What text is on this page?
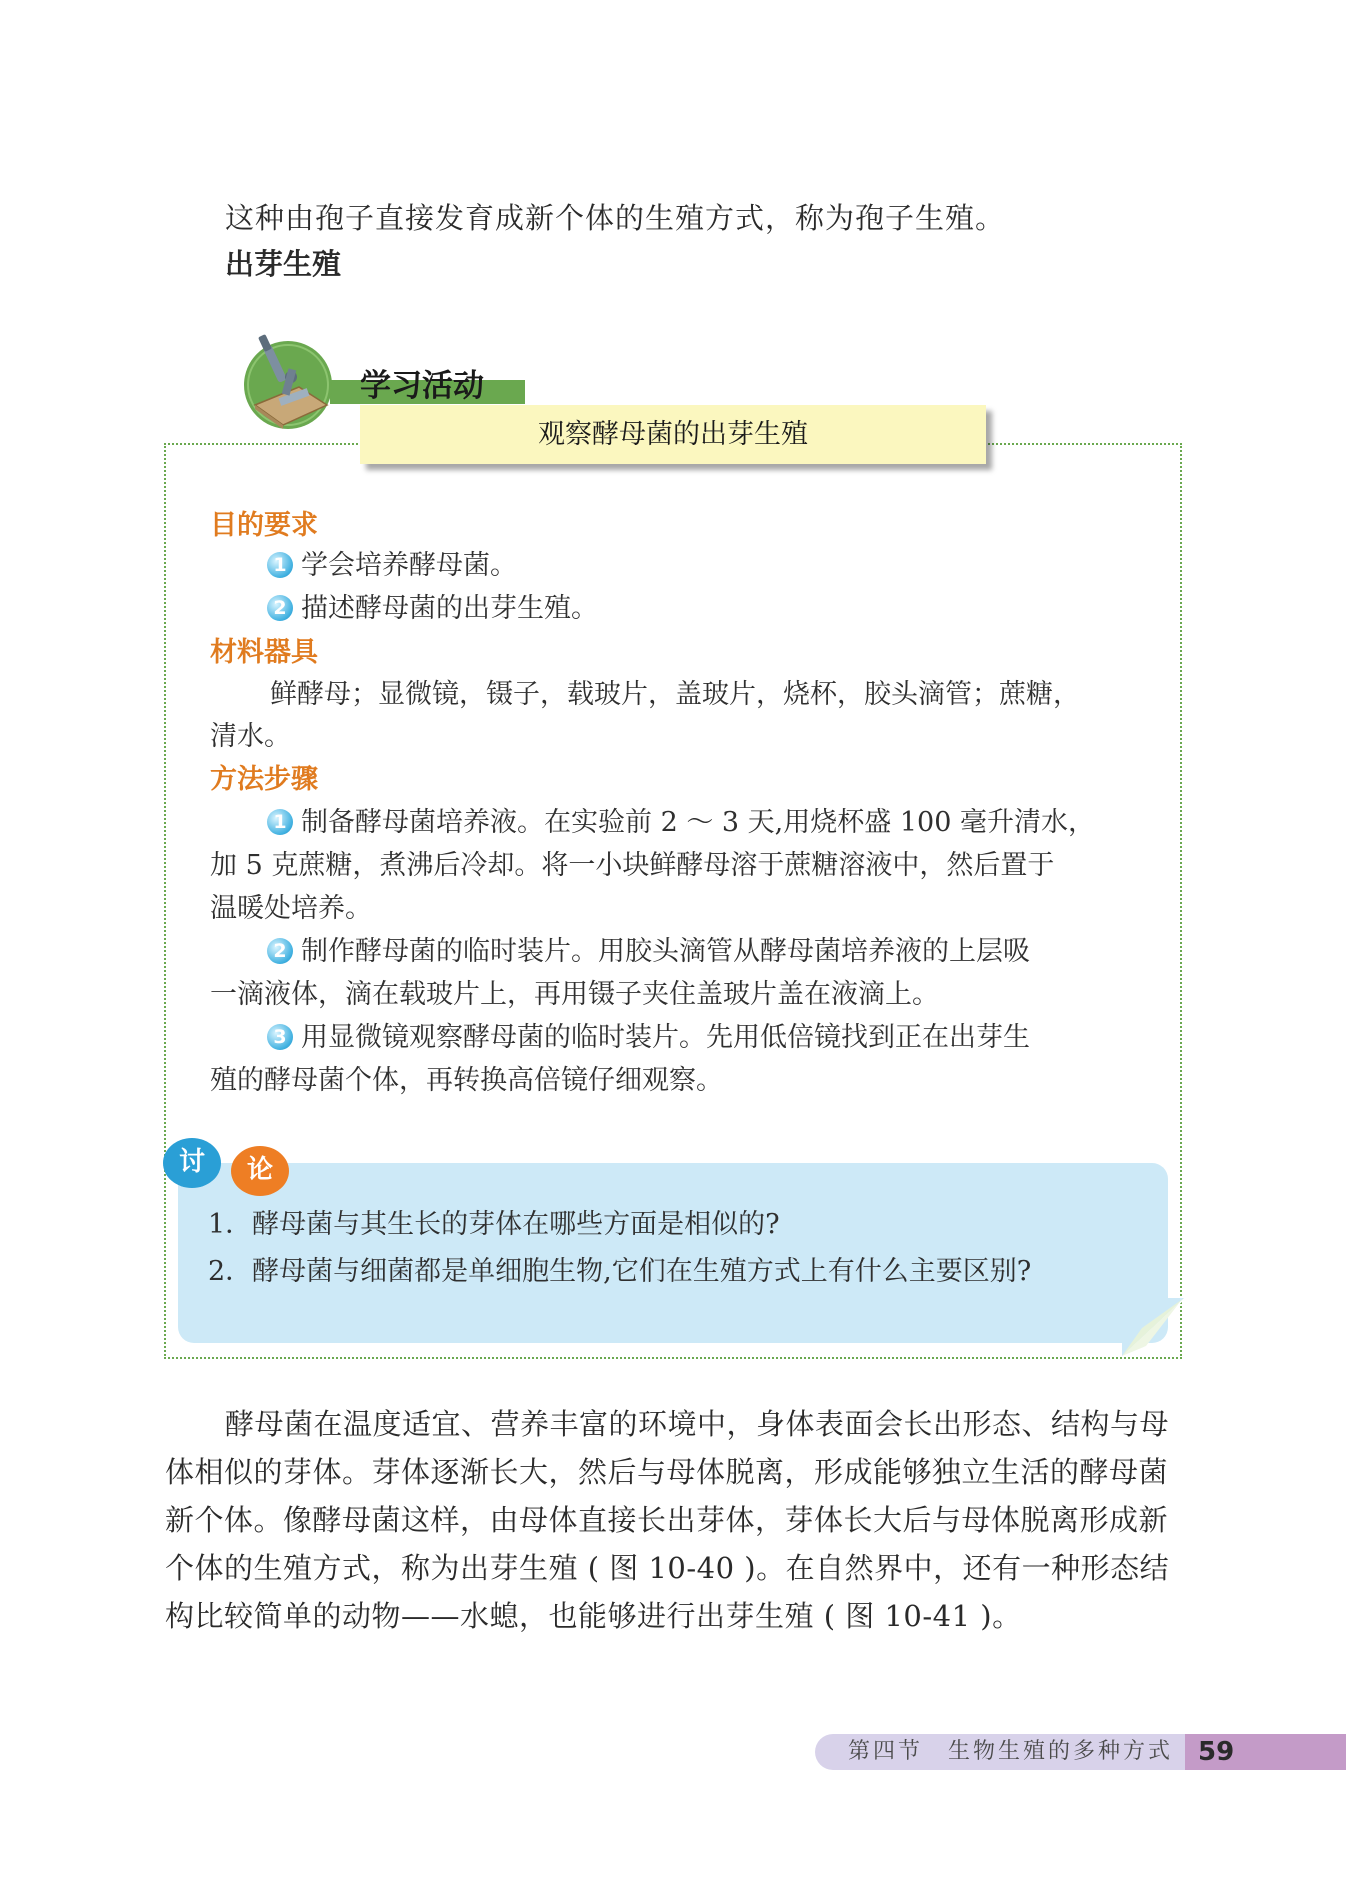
这种由孢子直接发育成新个体的生殖方式，称为孢子生殖。
出芽生殖
学习活动
观察酵母菌的出芽生殖
目的要求
1 学会培养酵母菌。
2 描述酵母菌的出芽生殖。
材料器具
鲜酵母；显微镜，镊子，载玻片，盖玻片，烧杯，胶头滴管；蔗糖，
清水。
方法步骤
1 制备酵母菌培养液。在实验前 2 ～ 3 天,用烧杯盛 100 毫升清水，
加 5 克蔗糖，煮沸后冷却。将一小块鲜酵母溶于蔗糖溶液中，然后置于
温暖处培养。
2 制作酵母菌的临时装片。用胶头滴管从酵母菌培养液的上层吸
一滴液体，滴在载玻片上，再用镊子夹住盖玻片盖在液滴上。
3 用显微镜观察酵母菌的临时装片。先用低倍镜找到正在出芽生
殖的酵母菌个体，再转换高倍镜仔细观察。
讨	论
1．酵母菌与其生长的芽体在哪些方面是相似的?
2．酵母菌与细菌都是单细胞生物,它们在生殖方式上有什么主要区别?
酵母菌在温度适宜、营养丰富的环境中，身体表面会长出形态、结构与母
体相似的芽体。芽体逐渐长大，然后与母体脱离，形成能够独立生活的酵母菌
新个体。像酵母菌这样，由母体直接长出芽体，芽体长大后与母体脱离形成新
个体的生殖方式，称为出芽生殖 ( 图 10-40 )。在自然界中，还有一种形态结
构比较简单的动物——水螅，也能够进行出芽生殖 ( 图 10-41 )。
第四节　生物生殖的多种方式 59
